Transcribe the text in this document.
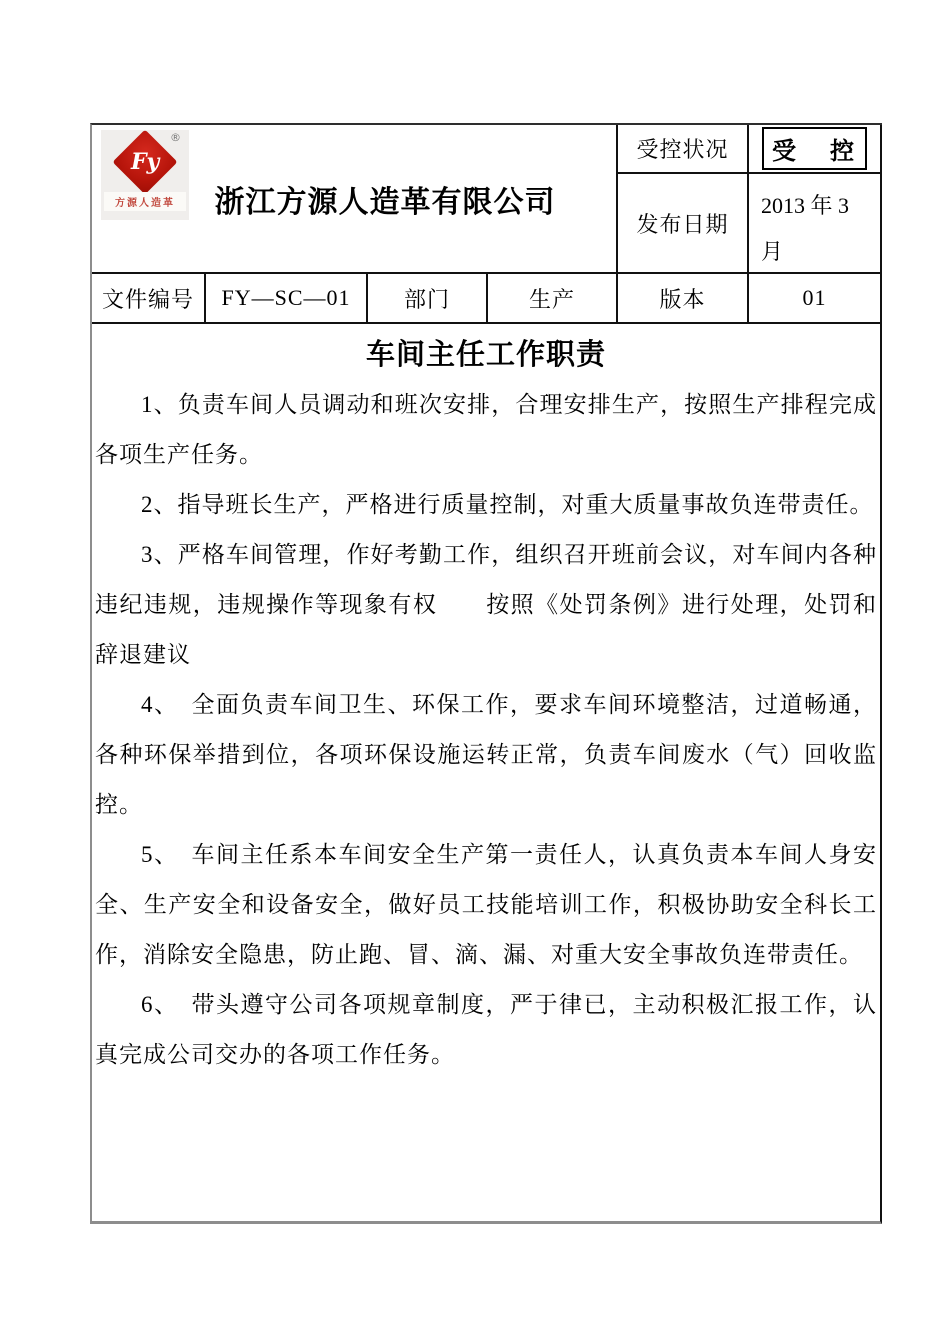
®
Fy
方源人造革	浙江方源人造革有限公司
受控状况	受　控
发布日期
2013 年 3 月
文件编号 FY—SC—01 部门	生产	版本	01
车间主任工作职责

1、负责车间人员调动和班次安排，合理安排生产，按照生产排程完成各项生产任务。

2、指导班长生产，严格进行质量控制，对重大质量事故负连带责任。

3、严格车间管理，作好考勤工作，组织召开班前会议，对车间内各种违纪违规，违规操作等现象有权　　按照《处罚条例》进行处理，处罚和辞退建议

4、　全面负责车间卫生、环保工作，要求车间环境整洁，过道畅通，各种环保举措到位，各项环保设施运转正常，负责车间废水（气）回收监控。

5、　车间主任系本车间安全生产第一责任人，认真负责本车间人身安全、生产安全和设备安全，做好员工技能培训工作，积极协助安全科长工作，消除安全隐患，防止跑、冒、滴、漏、对重大安全事故负连带责任。

6、　带头遵守公司各项规章制度，严于律已，主动积极汇报工作，认真完成公司交办的各项工作任务。
